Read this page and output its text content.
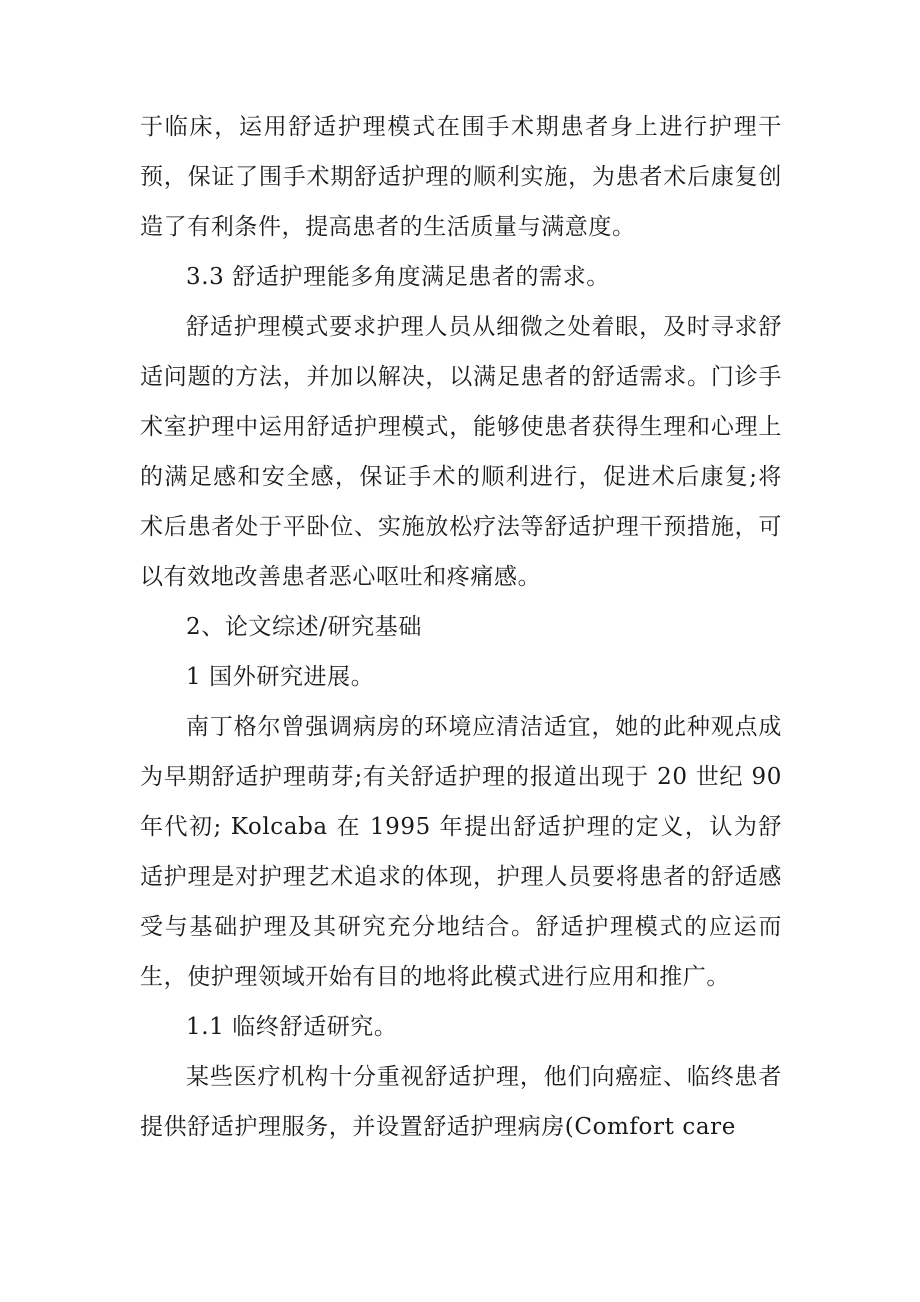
于临床，运用舒适护理模式在围手术期患者身上进行护理干预，保证了围手术期舒适护理的顺利实施，为患者术后康复创造了有利条件，提高患者的生活质量与满意度。

3.3 舒适护理能多角度满足患者的需求。

舒适护理模式要求护理人员从细微之处着眼，及时寻求舒适问题的方法，并加以解决，以满足患者的舒适需求。门诊手术室护理中运用舒适护理模式，能够使患者获得生理和心理上的满足感和安全感，保证手术的顺利进行，促进术后康复;将术后患者处于平卧位、实施放松疗法等舒适护理干预措施，可以有效地改善患者恶心呕吐和疼痛感。

2、论文综述/研究基础

1 国外研究进展。

南丁格尔曾强调病房的环境应清洁适宜，她的此种观点成为早期舒适护理萌芽;有关舒适护理的报道出现于 20 世纪 90 年代初; Kolcaba 在 1995 年提出舒适护理的定义，认为舒适护理是对护理艺术追求的体现，护理人员要将患者的舒适感受与基础护理及其研究充分地结合。舒适护理模式的应运而生，使护理领域开始有目的地将此模式进行应用和推广。

1.1 临终舒适研究。

某些医疗机构十分重视舒适护理，他们向癌症、临终患者提供舒适护理服务，并设置舒适护理病房(Comfort care
